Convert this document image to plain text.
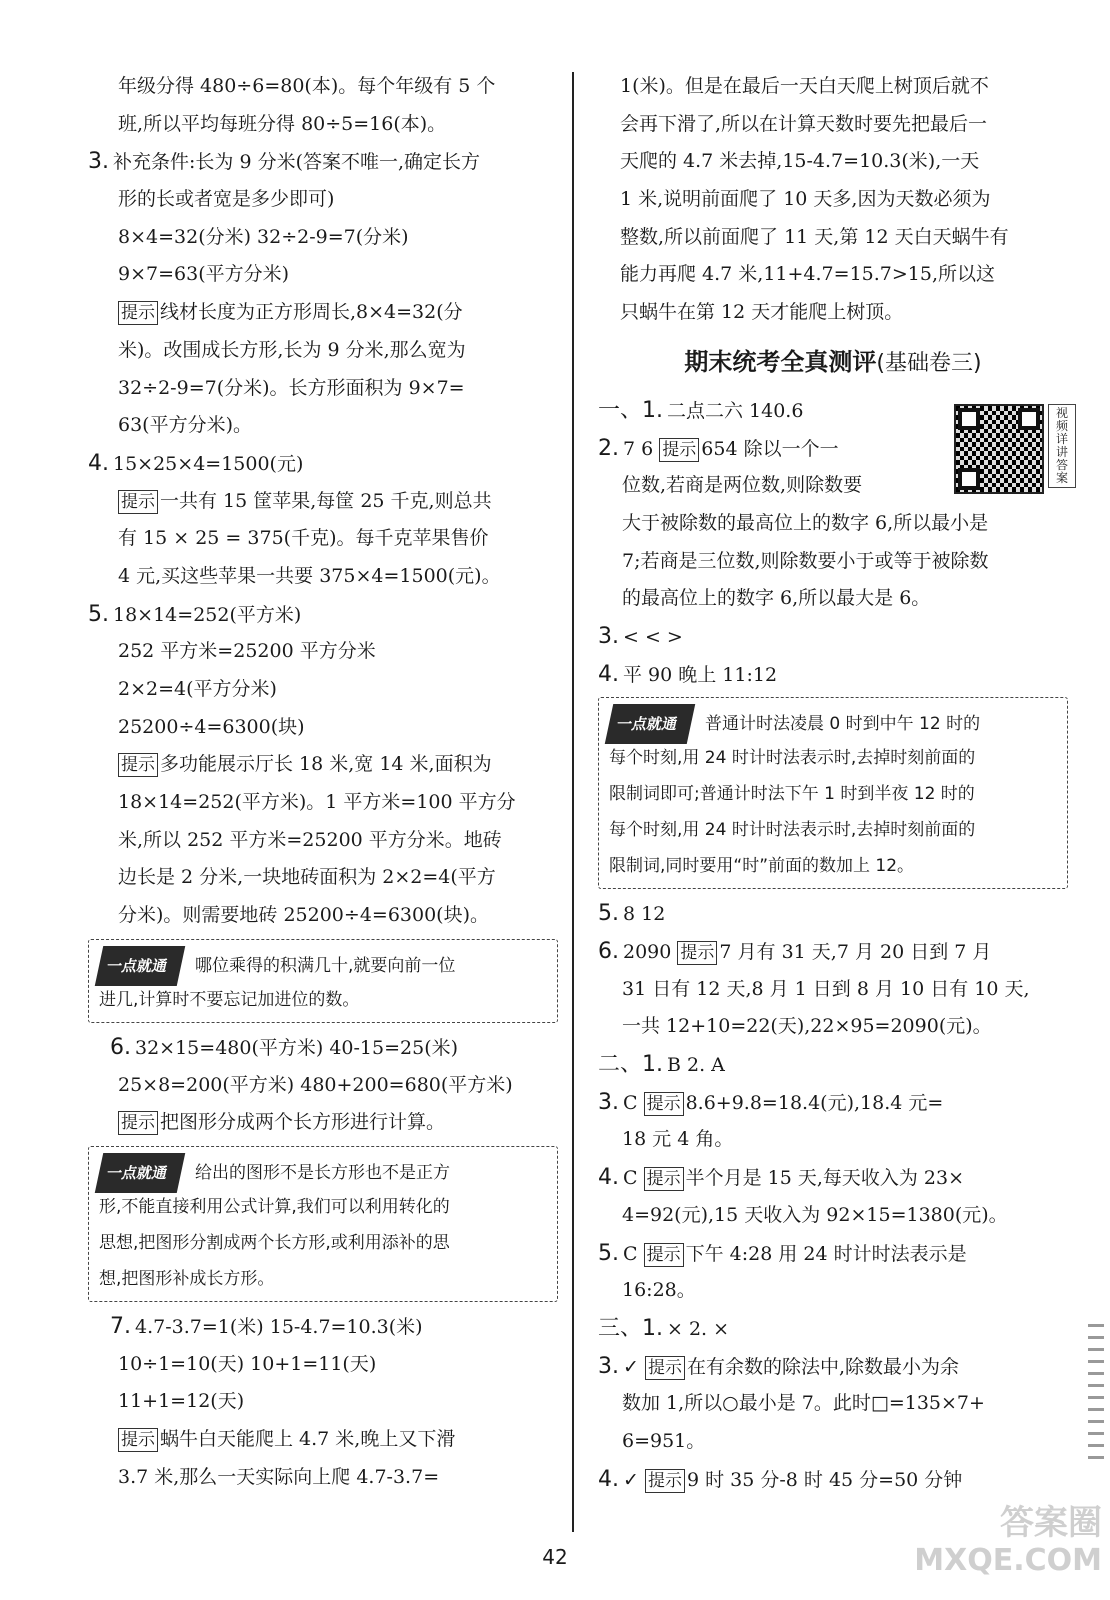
年级分得 480÷6=80(本)。每个年级有 5 个
班,所以平均每班分得 80÷5=16(本)。
3. 补充条件:长为 9 分米(答案不唯一,确定长方
形的长或者宽是多少即可)
8×4=32(分米) 32÷2-9=7(分米)
9×7=63(平方分米)
提示 线材长度为正方形周长,8×4=32(分
米)。改围成长方形,长为 9 分米,那么宽为
32÷2-9=7(分米)。长方形面积为 9×7=
63(平方分米)。
4. 15×25×4=1500(元)
提示 一共有 15 筐苹果,每筐 25 千克,则总共
有 15 × 25 = 375(千克)。每千克苹果售价
4 元,买这些苹果一共要 375×4=1500(元)。
5. 18×14=252(平方米)
252 平方米=25200 平方分米
2×2=4(平方分米)
25200÷4=6300(块)
提示 多功能展示厅长 18 米,宽 14 米,面积为
18×14=252(平方米)。1 平方米=100 平方分
米,所以 252 平方米=25200 平方分米。地砖
边长是 2 分米,一块地砖面积为 2×2=4(平方
分米)。则需要地砖 25200÷4=6300(块)。
一点就通 哪位乘得的积满几十,就要向前一位
进几,计算时不要忘记加进位的数。
6. 32×15=480(平方米) 40-15=25(米)
25×8=200(平方米) 480+200=680(平方米)
提示 把图形分成两个长方形进行计算。
一点就通 给出的图形不是长方形也不是正方
形,不能直接利用公式计算,我们可以利用转化的
思想,把图形分割成两个长方形,或利用添补的思
想,把图形补成长方形。
7. 4.7-3.7=1(米) 15-4.7=10.3(米)
10÷1=10(天) 10+1=11(天)
11+1=12(天)
提示 蜗牛白天能爬上 4.7 米,晚上又下滑
3.7 米,那么一天实际向上爬 4.7-3.7=
1(米)。但是在最后一天白天爬上树顶后就不
会再下滑了,所以在计算天数时要先把最后一
天爬的 4.7 米去掉,15-4.7=10.3(米),一天
1 米,说明前面爬了 10 天多,因为天数必须为
整数,所以前面爬了 11 天,第 12 天白天蜗牛有
能力再爬 4.7 米,11+4.7=15.7>15,所以这
只蜗牛在第 12 天才能爬上树顶。
期末统考全真测评(基础卷三)
一、1. 二点二六 140.6
2. 7 6 提示 654 除以一个一
位数,若商是两位数,则除数要
大于被除数的最高位上的数字 6,所以最小是
7;若商是三位数,则除数要小于或等于被除数
的最高位上的数字 6,所以最大是 6。
3. < < >
4. 平 90 晚上 11:12
一点就通 普通计时法凌晨 0 时到中午 12 时的
每个时刻,用 24 时计时法表示时,去掉时刻前面的
限制词即可;普通计时法下午 1 时到半夜 12 时的
每个时刻,用 24 时计时法表示时,去掉时刻前面的
限制词,同时要用“时”前面的数加上 12。
5. 8 12
6. 2090 提示 7 月有 31 天,7 月 20 日到 7 月
31 日有 12 天,8 月 1 日到 8 月 10 日有 10 天,
一共 12+10=22(天),22×95=2090(元)。
二、1. B 2. A
3. C 提示 8.6+9.8=18.4(元),18.4 元=
18 元 4 角。
4. C 提示 半个月是 15 天,每天收入为 23×
4=92(元),15 天收入为 92×15=1380(元)。
5. C 提示 下午 4:28 用 24 时计时法表示是
16:28。
三、1. × 2. ×
3. ✓ 提示 在有余数的除法中,除数最小为余
数加 1,所以○最小是 7。此时□=135×7+
6=951。
4. ✓ 提示 9 时 35 分-8 时 45 分=50 分钟
视频详讲答案
42
答案圈
MXQE.COM
